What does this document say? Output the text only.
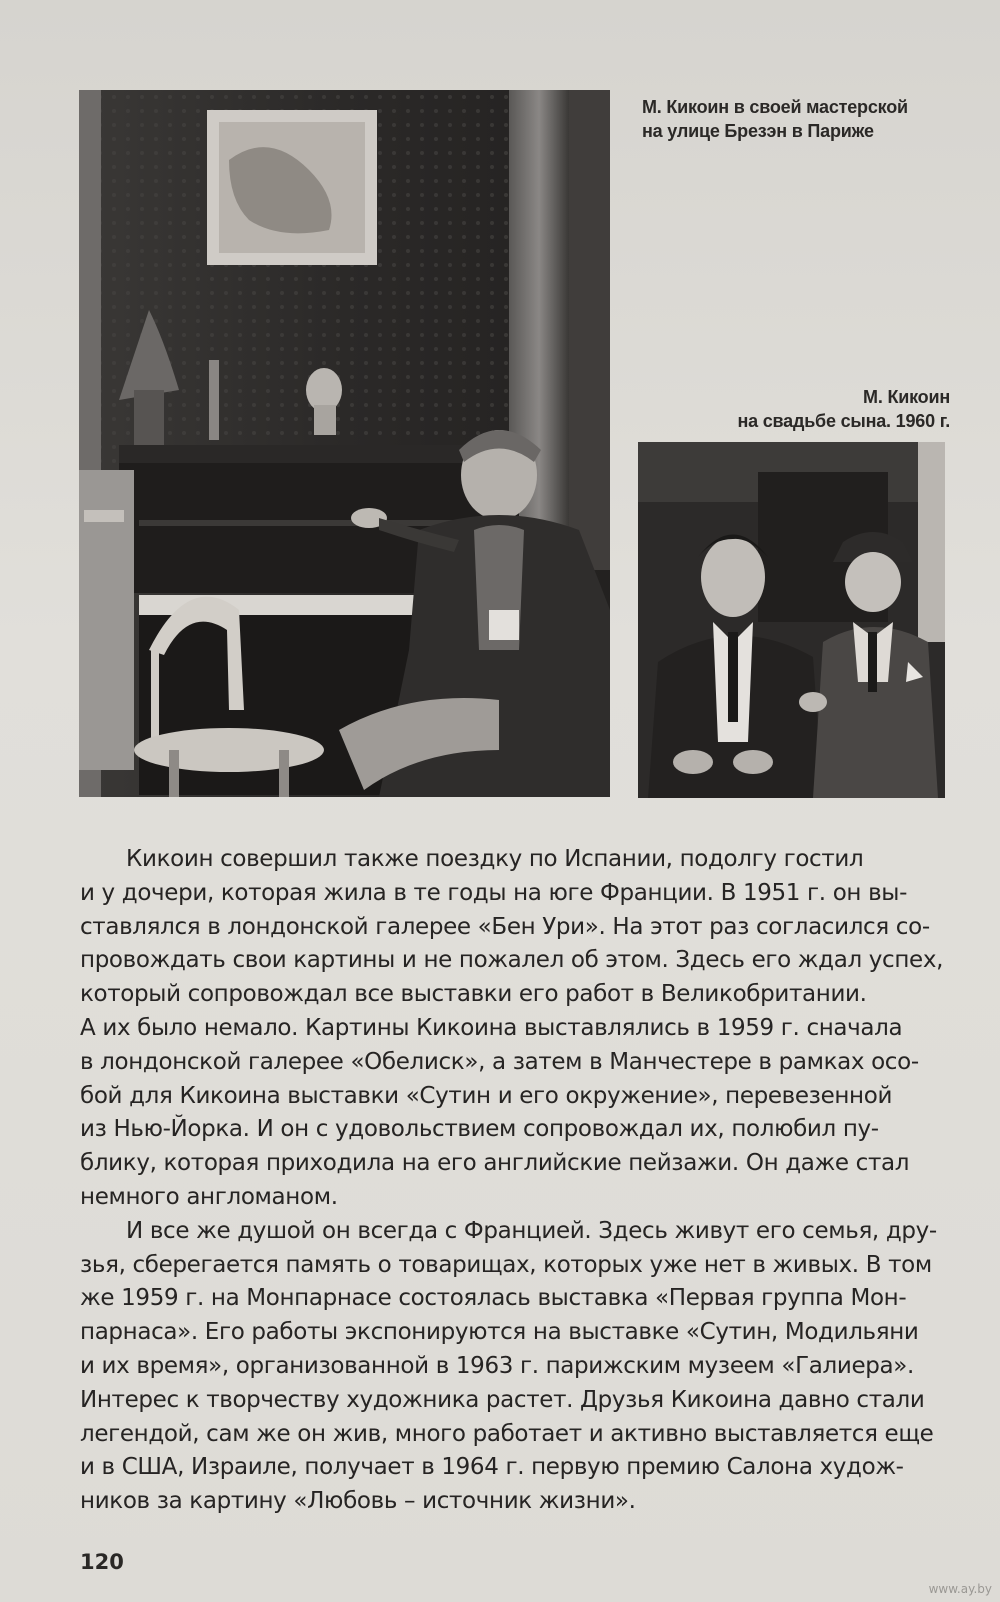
М. Кикоин в своей мастерской
на улице Брезэн в Париже
М. Кикоин
на свадьбе сына. 1960 г.

Кикоин совершил также поездку по Испании, подолгу гостил
и у дочери, которая жила в те годы на юге Франции. В 1951 г. он вы-
ставлялся в лондонской галерее «Бен Ури». На этот раз согласился со-
провождать свои картины и не пожалел об этом. Здесь его ждал успех,
который сопровождал все выставки его работ в Великобритании.
А их было немало. Картины Кикоина выставлялись в 1959 г. сначала
в лондонской галерее «Обелиск», а затем в Манчестере в рамках осо-
бой для Кикоина выставки «Сутин и его окружение», перевезенной
из Нью-Йорка. И он с удовольствием сопровождал их, полюбил пу-
блику, которая приходила на его английские пейзажи. Он даже стал
немного англоманом.

И все же душой он всегда с Францией. Здесь живут его семья, дру-
зья, сберегается память о товарищах, которых уже нет в живых. В том
же 1959 г. на Монпарнасе состоялась выставка «Первая группа Мон-
парнаса». Его работы экспонируются на выставке «Сутин, Модильяни
и их время», организованной в 1963 г. парижским музеем «Галиера».
Интерес к творчеству художника растет. Друзья Кикоина давно стали
легендой, сам же он жив, много работает и активно выставляется еще
и в США, Израиле, получает в 1964 г. первую премию Салона худож-
ников за картину «Любовь – источник жизни».

120
www.ay.by
